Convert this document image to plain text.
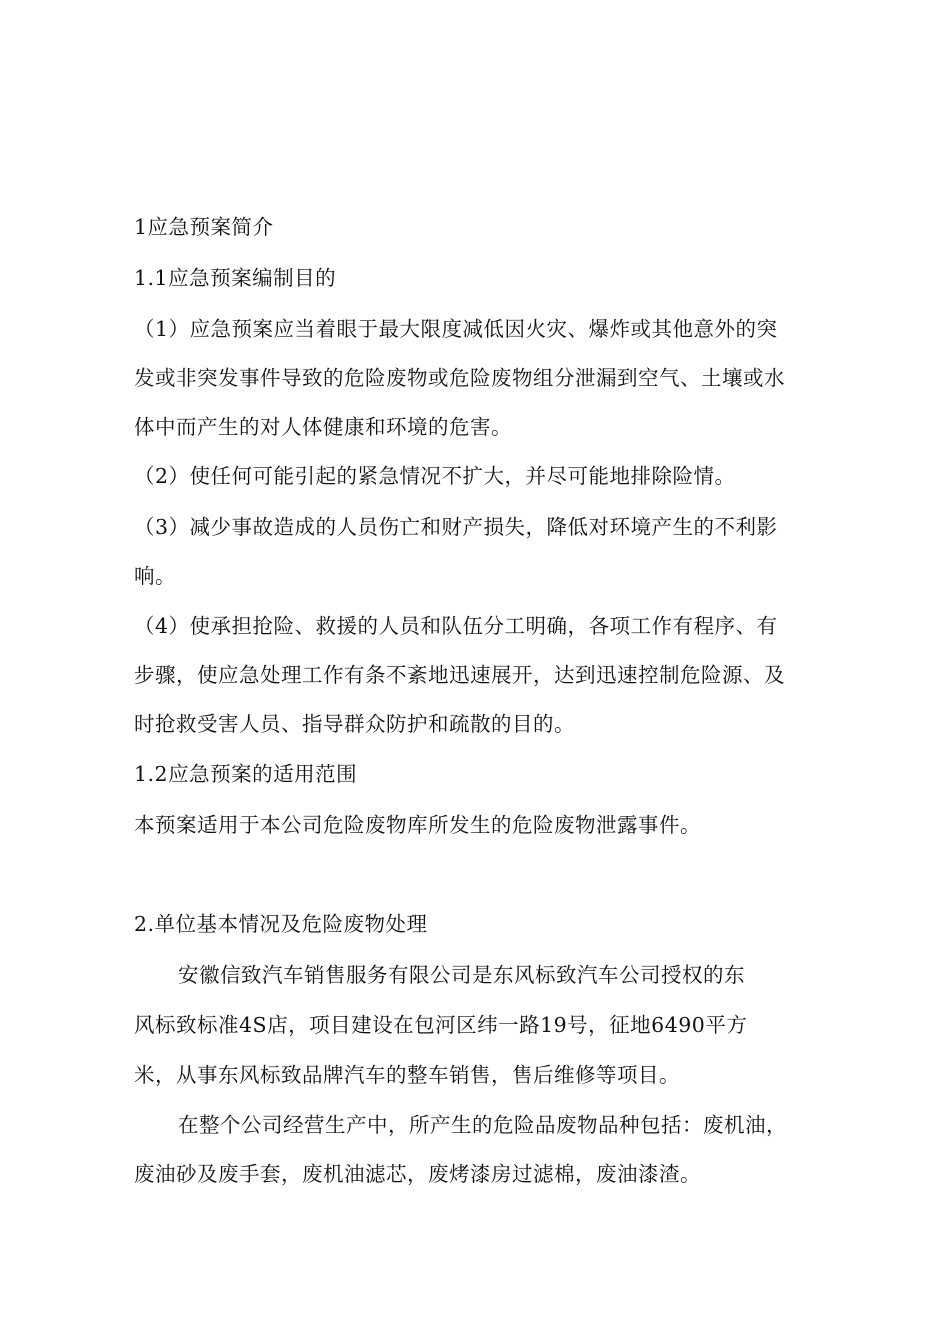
1应急预案简介
1.1应急预案编制目的
（1）应急预案应当着眼于最大限度减低因火灾、爆炸或其他意外的突
发或非突发事件导致的危险废物或危险废物组分泄漏到空气、土壤或水
体中而产生的对人体健康和环境的危害。
（2）使任何可能引起的紧急情况不扩大，并尽可能地排除险情。
（3）减少事故造成的人员伤亡和财产损失，降低对环境产生的不利影
响。
（4）使承担抢险、救援的人员和队伍分工明确，各项工作有程序、有
步骤，使应急处理工作有条不紊地迅速展开，达到迅速控制危险源、及
时抢救受害人员、指导群众防护和疏散的目的。
1.2应急预案的适用范围
本预案适用于本公司危险废物库所发生的危险废物泄露事件。
2.单位基本情况及危险废物处理
安徽信致汽车销售服务有限公司是东风标致汽车公司授权的东
风标致标准4S店，项目建设在包河区纬一路19号，征地6490平方
米，从事东风标致品牌汽车的整车销售，售后维修等项目。
在整个公司经营生产中，所产生的危险品废物品种包括：废机油，
废油砂及废手套，废机油滤芯，废烤漆房过滤棉，废油漆渣。
